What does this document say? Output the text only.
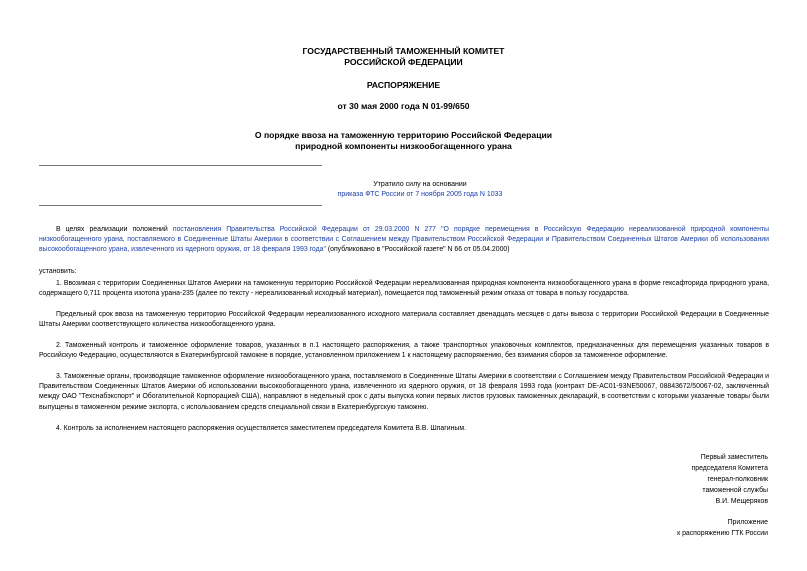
ГОСУДАРСТВЕННЫЙ ТАМОЖЕННЫЙ КОМИТЕТ
РОССИЙСКОЙ ФЕДЕРАЦИИ
РАСПОРЯЖЕНИЕ
от 30 мая 2000 года N 01-99/650
О порядке ввоза на таможенную территорию Российской Федерации
природной компоненты низкообогащенного урана
Утратило силу на основании
приказа ФТС России от 7 ноября 2005 года N 1033
В целях реализации положений постановления Правительства Российской Федерации от 29.03.2000 N 277 "О порядке перемещения в Российскую Федерацию нереализованной природной компоненты низкообогащенного урана, поставляемого в Соединенные Штаты Америки в соответствии с Соглашением между Правительством Российской Федерации и Правительством Соединенных Штатов Америки об использовании высокообогащенного урана, извлеченного из ядерного оружия, от 18 февраля 1993 года" (опубликовано в "Российской газете" N 66 от 05.04.2000)
установить:
1. Ввозимая с территории Соединенных Штатов Америки на таможенную территорию Российской Федерации нереализованная природная компонента низкообогащенного урана в форме гексафторида природного урана, содержащего 0,711 процента изотопа урана-235 (далее по тексту - нереализованный исходный материал), помещается под таможенный режим отказа от товара в пользу государства.
Предельный срок ввоза на таможенную территорию Российской Федерации нереализованного исходного материала составляет двенадцать месяцев с даты вывоза с территории Российской Федерации в Соединенные Штаты Америки соответствующего количества низкообогащенного урана.
2. Таможенный контроль и таможенное оформление товаров, указанных в п.1 настоящего распоряжения, а также транспортных упаковочных комплектов, предназначенных для перемещения указанных товаров в Российскую Федерацию, осуществляются в Екатеринбургской таможне в порядке, установленном приложением 1 к настоящему распоряжению, без взимания сборов за таможенное оформление.
3. Таможенные органы, производящие таможенное оформление низкообогащенного урана, поставляемого в Соединенные Штаты Америки в соответствии с Соглашением между Правительством Российской Федерации и Правительством Соединенных Штатов Америки об использовании высокообогащенного урана, извлеченного из ядерного оружия, от 18 февраля 1993 года (контракт DE-AC01-93NE50067, 08843672/50067-02, заключенный между ОАО "Техснабэкспорт" и Обогатительной Корпорацией США), направляют в недельный срок с даты выпуска копии первых листов грузовых таможенных деклараций, в соответствии с которыми указанные товары были выпущены в таможенном режиме экспорта, с использованием средств специальной связи в Екатеринбургскую таможню.
4. Контроль за исполнением настоящего распоряжения осуществляется заместителем председателя Комитета В.В. Шпагиным.
Первый заместитель
председателя Комитета
генерал-полковник
таможенной службы
В.И. Мещеряков
Приложение
к распоряжению ГТК России
